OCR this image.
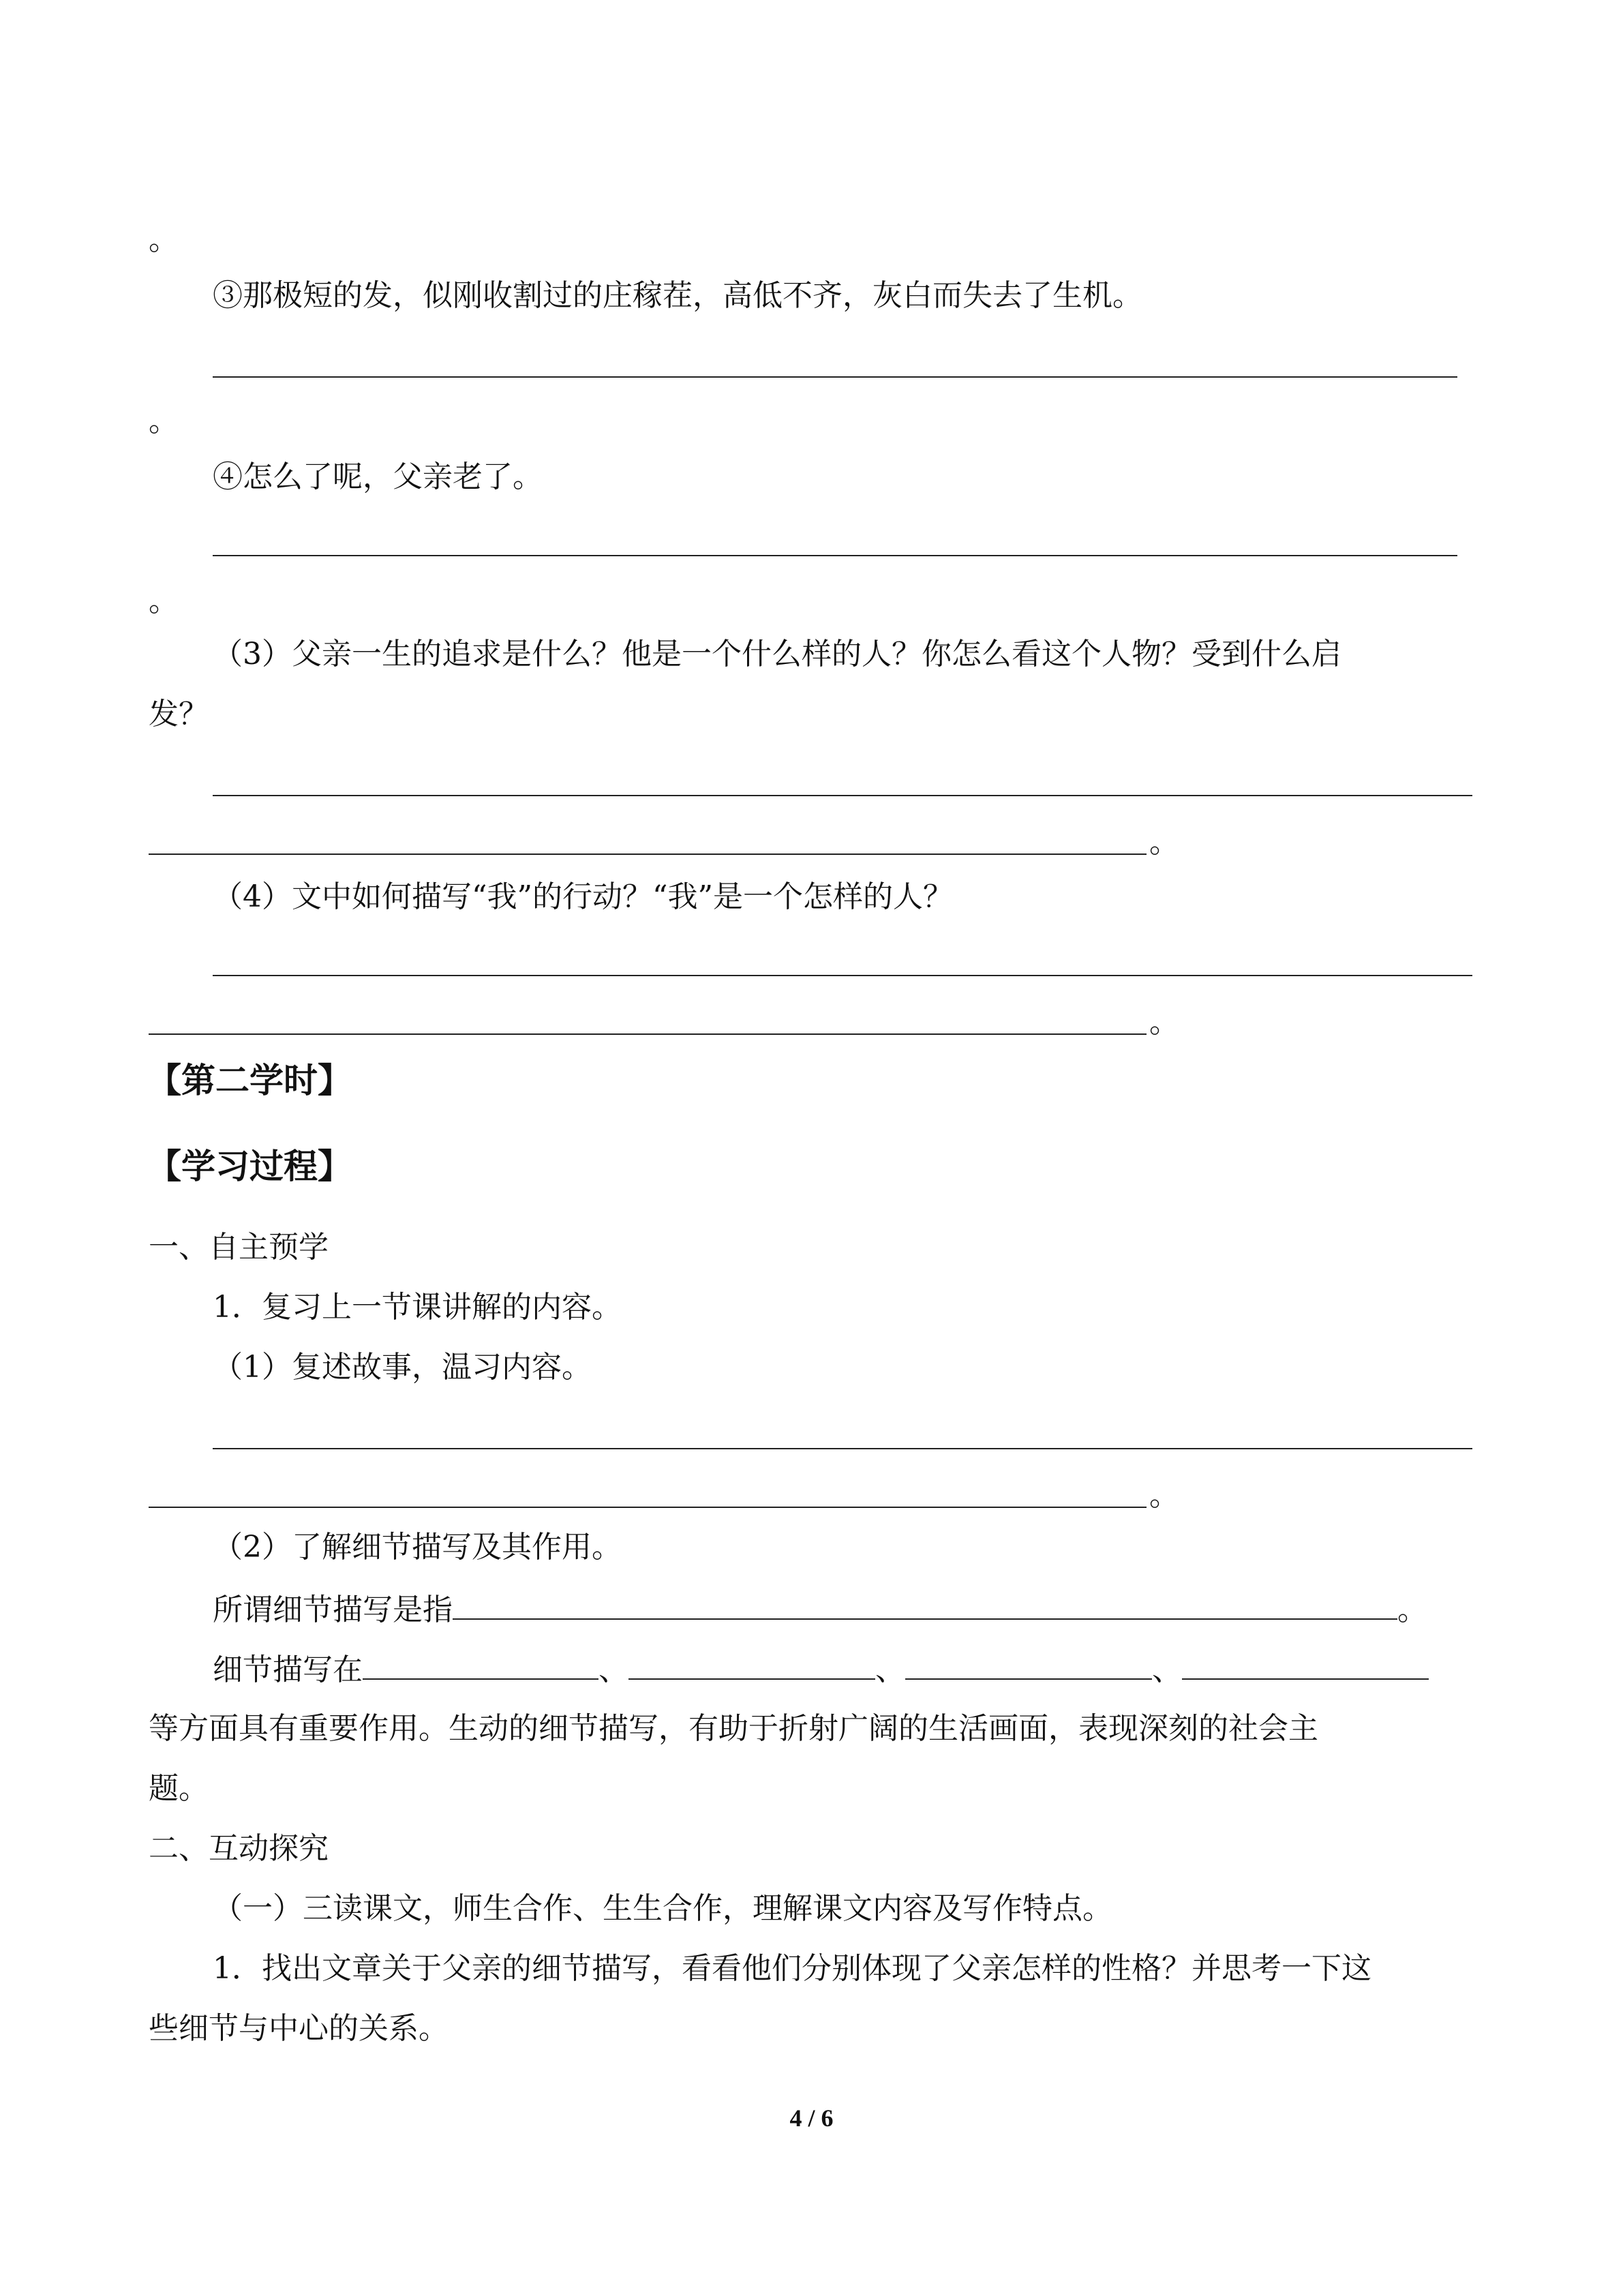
。
③那极短的发，似刚收割过的庄稼茬，高低不齐，灰白而失去了生机。
。
④怎么了呢，父亲老了。
。
（3）父亲一生的追求是什么？他是一个什么样的人？你怎么看这个人物？受到什么启
发？
。
（4）文中如何描写“我”的行动？“我”是一个怎样的人？
。
【第二学时】
【学习过程】
一、自主预学
1．复习上一节课讲解的内容。
（1）复述故事，温习内容。
。
（2）了解细节描写及其作用。
所谓细节描写是指	。
细节描写在	、	、	、
等方面具有重要作用。生动的细节描写，有助于折射广阔的生活画面，表现深刻的社会主
题。
二、互动探究
（一）三读课文，师生合作、生生合作，理解课文内容及写作特点。
1．找出文章关于父亲的细节描写，看看他们分别体现了父亲怎样的性格？并思考一下这
些细节与中心的关系。
4 / 6
